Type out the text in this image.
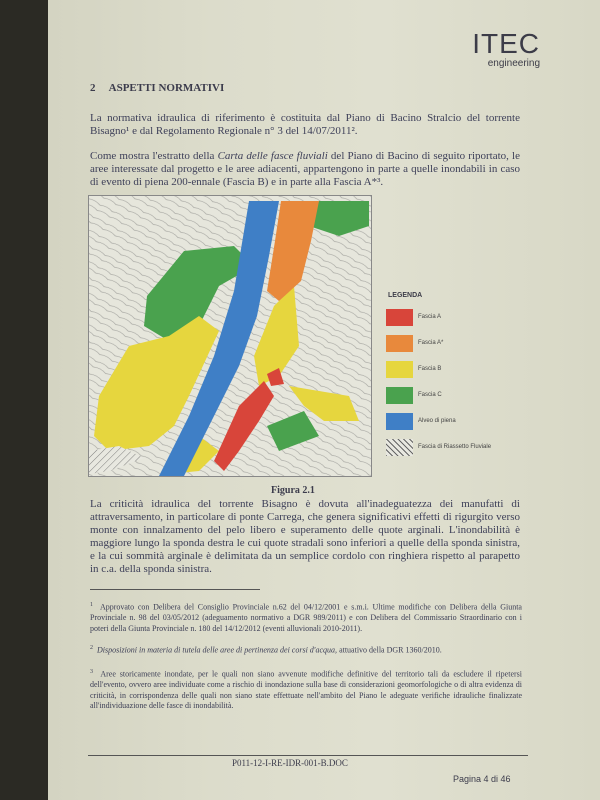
ITEC
engineering
2     ASPETTI NORMATIVI
La normativa idraulica di riferimento è costituita dal Piano di Bacino Stralcio del torrente Bisagno¹ e dal Regolamento Regionale n° 3 del 14/07/2011².
Come mostra l'estratto della Carta delle fasce fluviali del Piano di Bacino di seguito riportato, le aree interessate dal progetto e le aree adiacenti, appartengono in parte a quelle inondabili in caso di evento di piena 200-ennale (Fascia B) e in parte alla Fascia A*³.
LEGENDA
Fascia A
Fascia A*
Fascia B
Fascia C
Alveo di piena
Fascia di Riassetto Fluviale
Figura 2.1
La criticità idraulica del torrente Bisagno è dovuta all'inadeguatezza dei manufatti di attraversamento, in particolare di ponte Carrega, che genera significativi effetti di rigurgito verso monte con innalzamento del pelo libero e superamento delle quote arginali. L'inondabilità è maggiore lungo la sponda destra le cui quote stradali sono inferiori a quelle della sponda sinistra, e la cui sommità arginale è delimitata da un semplice cordolo con ringhiera rispetto al parapetto in c.a. della sponda sinistra.
$^1$ Approvato con Delibera del Consiglio Provinciale n.62 del 04/12/2001 e s.m.i. Ultime modifiche con Delibera della Giunta Provinciale n. 98 del 03/05/2012 (adeguamento normativo a DGR 989/2011) e con Delibera del Commissario Straordinario con i poteri della Giunta Provinciale n. 180 del 14/12/2012 (eventi alluvionali 2010-2011).
$^2$ Disposizioni in materia di tutela delle aree di pertinenza dei corsi d'acqua, attuativo della DGR 1360/2010.
$^3$ Aree storicamente inondate, per le quali non siano avvenute modifiche definitive del territorio tali da escludere il ripetersi dell'evento, ovvero aree individuate come a rischio di inondazione sulla base di considerazioni geomorfologiche o di altra evidenza di criticità, in corrispondenza delle quali non siano state effettuate nell'ambito del Piano le adeguate verifiche idrauliche finalizzate all'individuazione delle fasce di inondabilità.
P011-12-I-RE-IDR-001-B.DOC
Pagina 4 di 46
